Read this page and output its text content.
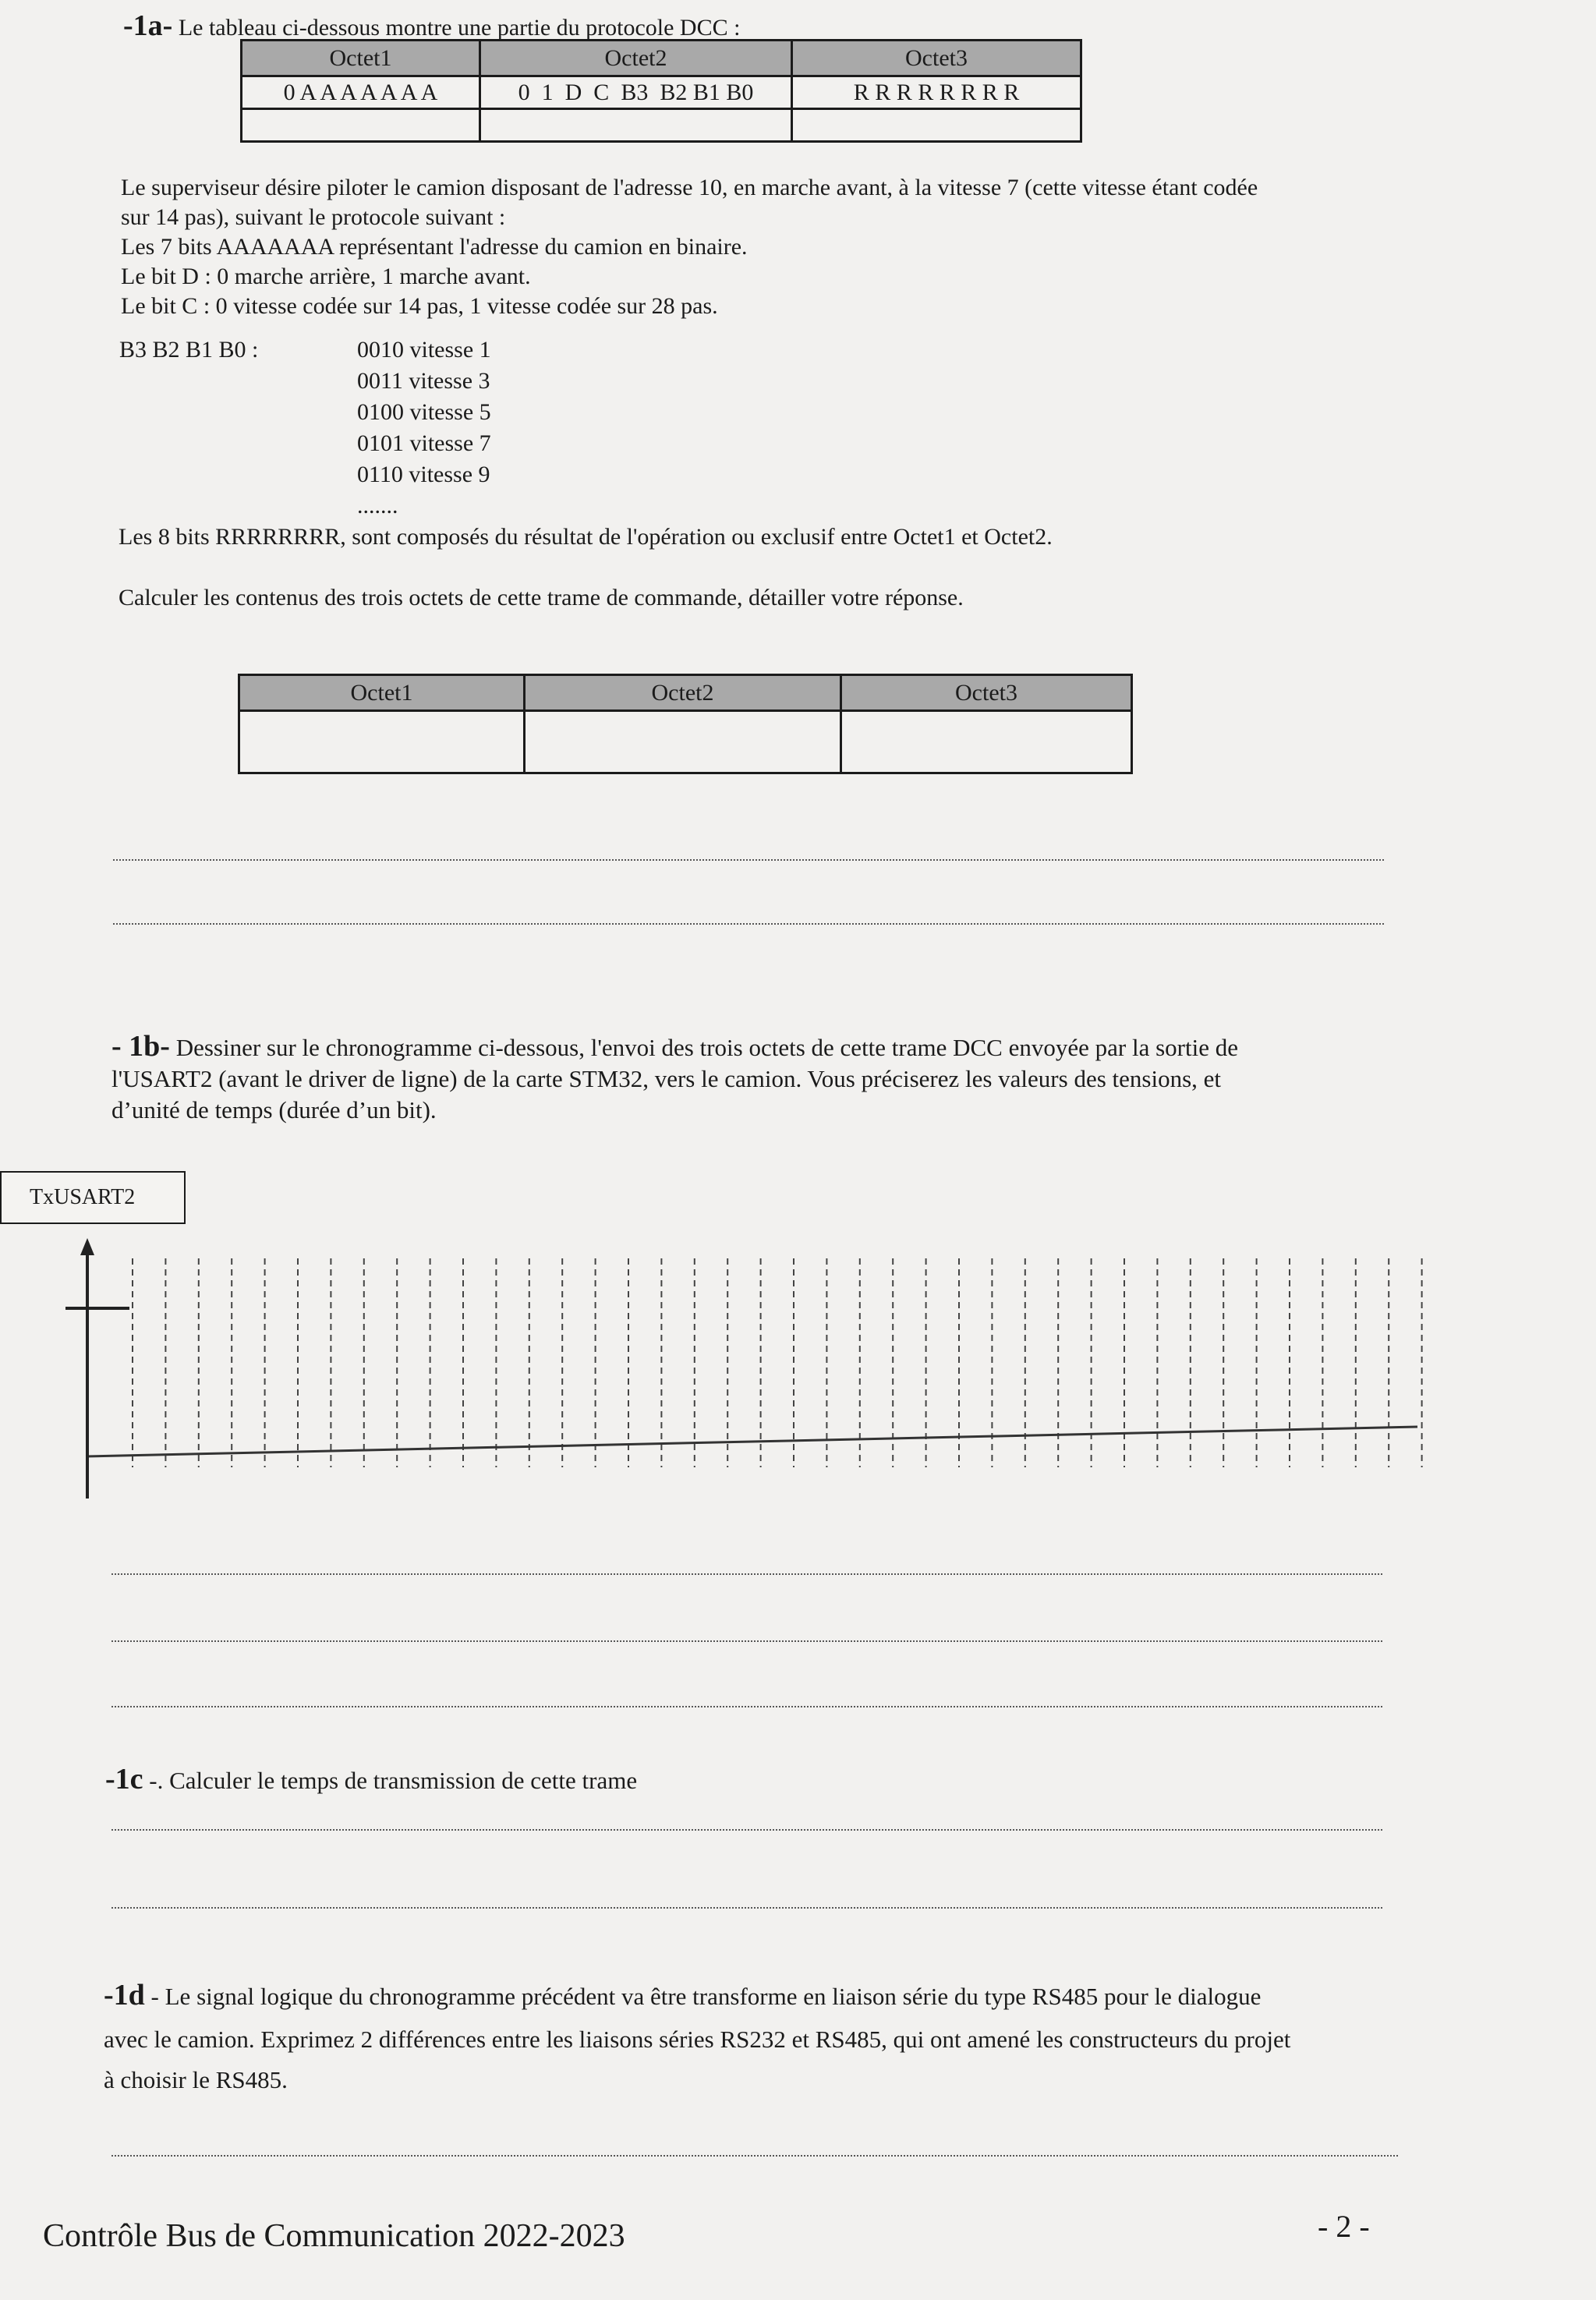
-1a- Le tableau ci-dessous montre une partie du protocole DCC :
Octet1	Octet2	Octet3
0 A A A A A A A	0  1  D  C  B3  B2 B1 B0	R R R R R R R R

Le superviseur désire piloter le camion disposant de l'adresse 10, en marche avant, à la vitesse 7 (cette vitesse étant codée
sur 14 pas), suivant le protocole suivant :
Les 7 bits AAAAAAA représentant l'adresse du camion en binaire.
Le bit D : 0 marche arrière, 1 marche avant.
Le bit C : 0 vitesse codée sur 14 pas, 1 vitesse codée sur 28 pas.
B3 B2 B1 B0 :	0010 vitesse 1
0011 vitesse 3
0100 vitesse 5
0101 vitesse 7
0110 vitesse 9
.......
Les 8 bits RRRRRRRR, sont composés du résultat de l'opération ou exclusif entre Octet1 et Octet2.
Calculer les contenus des trois octets de cette trame de commande, détailler votre réponse.
Octet1	Octet2	Octet3

- 1b- Dessiner sur le chronogramme ci-dessous, l'envoi des trois octets de cette trame DCC envoyée par la sortie de
l'USART2 (avant le driver de ligne) de la carte STM32, vers le camion. Vous préciserez les valeurs des tensions, et
d’unité de temps (durée d’un bit).
TxUSART2
-1c -. Calculer le temps de transmission de cette trame
-1d - Le signal logique du chronogramme précédent va être transforme en liaison série du type RS485 pour le dialogue
avec le camion. Exprimez 2 différences entre les liaisons séries RS232 et RS485, qui ont amené les constructeurs du projet
à choisir le RS485.
Contrôle Bus de Communication 2022-2023	- 2 -
